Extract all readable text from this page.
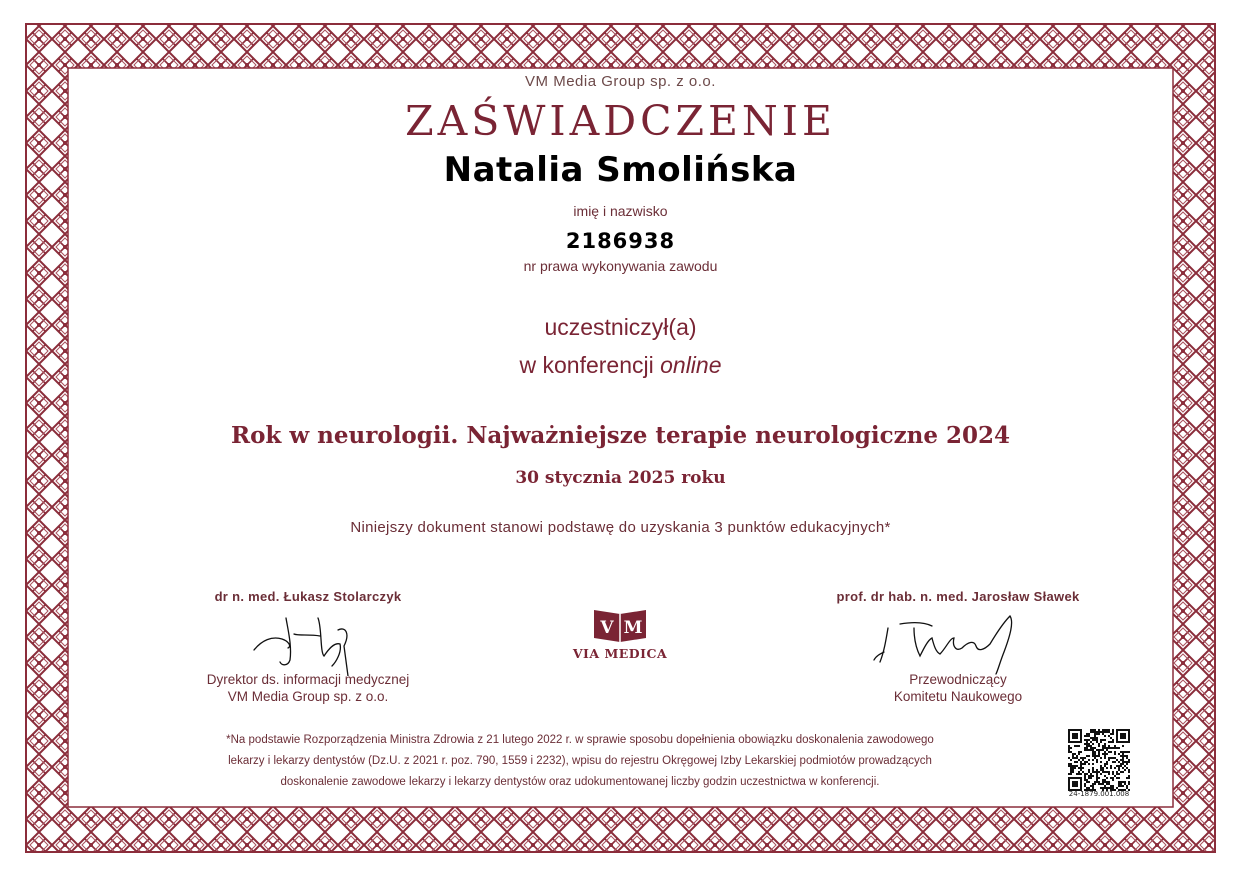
VM Media Group sp. z o.o.
ZAŚWIADCZENIE
Natalia Smolińska
imię i nazwisko
2186938
nr prawa wykonywania zawodu
uczestniczył(a)
w konferencji online
Rok w neurologii. Najważniejsze terapie neurologiczne 2024
30 stycznia 2025 roku
Niniejszy dokument stanowi podstawę do uzyskania 3 punktów edukacyjnych*
dr n. med. Łukasz Stolarczyk
Dyrektor ds. informacji medycznej
VM Media Group sp. z o.o.
V M
VIA MEDICA
prof. dr hab. n. med. Jarosław Sławek
Przewodniczący
Komitetu Naukowego
*Na podstawie Rozporządzenia Ministra Zdrowia z 21 lutego 2022 r. w sprawie sposobu dopełnienia obowiązku doskonalenia zawodowego
lekarzy i lekarzy dentystów (Dz.U. z 2021 r. poz. 790, 1559 i 2232), wpisu do rejestru Okręgowej Izby Lekarskiej podmiotów prowadzących
doskonalenie zawodowe lekarzy i lekarzy dentystów oraz udokumentowanej liczby godzin uczestnictwa w konferencji.
24-1879.001.008
